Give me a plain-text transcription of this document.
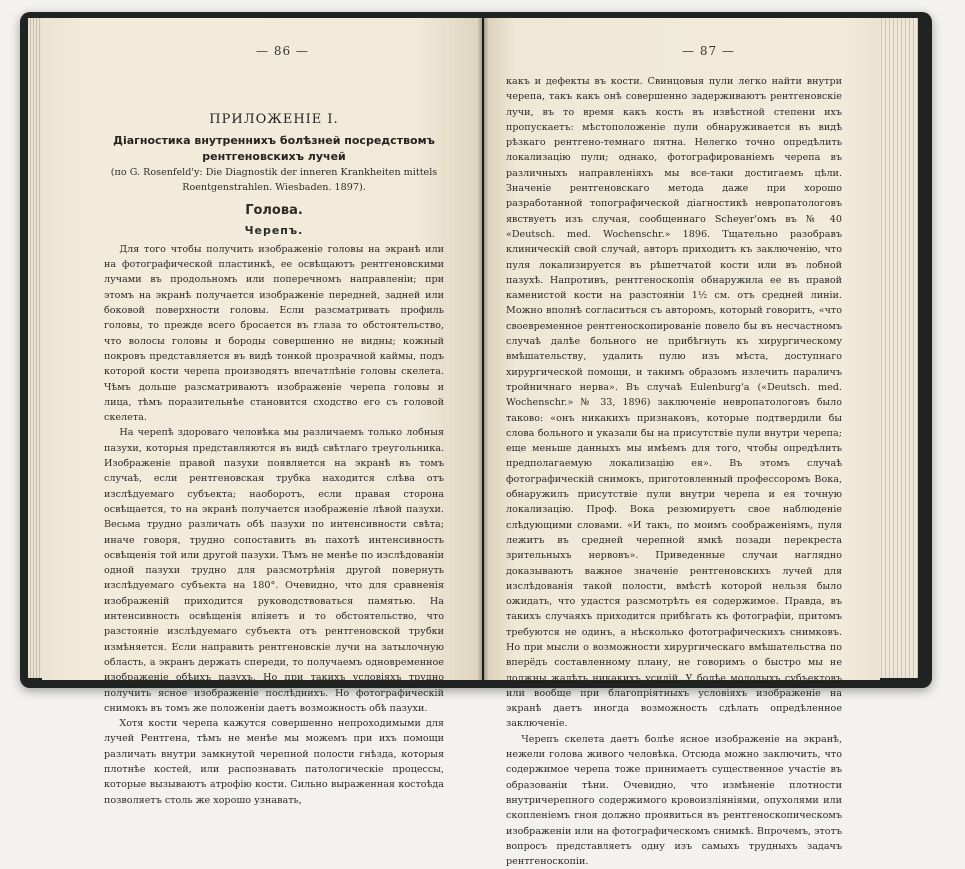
— 86 —
ПРИЛОЖЕНІЕ I.
Діагностика внутреннихъ болѣзней посредствомъ рентгеновскихъ лучей
(по G. Rosenfeld'y: Die Diagnostik der inneren Krankheiten mittels Roentgenstrahlen. Wiesbaden. 1897).
Голова.
Черепъ.

Для того чтобы получить изображеніе головы на экранѣ или на фотографической пластинкѣ, ее освѣщаютъ рентгеновскими лучами въ продольномъ или поперечномъ направленіи; при этомъ на экранѣ получается изображеніе передней, задней или боковой поверхности головы. Если разсматривать профиль головы, то прежде всего бросается въ глаза то обстоятельство, что волосы головы и бороды совершенно не видны; кожный покровъ представляется въ видѣ тонкой прозрачной каймы, подъ которой кости черепа производятъ впечатлѣніе головы скелета. Чѣмъ дольше разсматриваютъ изображеніе черепа головы и лица, тѣмъ поразительнѣе становится сходство его съ головой скелета.

На черепѣ здороваго человѣка мы различаемъ только лобныя пазухи, которыя представляются въ видѣ свѣтлаго треугольника. Изображеніе правой пазухи появляется на экранѣ въ томъ случаѣ, если рентгеновская трубка находится слѣва отъ изслѣдуемаго субъекта; наоборотъ, если правая сторона освѣщается, то на экранѣ получается изображеніе лѣвой пазухи. Весьма трудно различать обѣ пазухи по интенсивности свѣта; иначе говоря, трудно сопоставить въ пахотѣ интенсивность освѣщенія той или другой пазухи. Тѣмъ не менѣе по изслѣдованіи одной пазухи трудно для разсмотрѣнія другой повернуть изслѣдуемаго субъекта на 180°. Очевидно, что для сравненія изображеній приходится руководствоваться памятью. На интенсивность освѣщенія вліяетъ и то обстоятельство, что разстояніе изслѣдуемаго субъекта отъ рентгеновской трубки измѣняется. Если направить рентгеновскіе лучи на затылочную область, а экранъ держать спереди, то получаемъ одновременное изображеніе обѣихъ пазухъ. Но при такихъ условіяхъ трудно получить ясное изображеніе послѣднихъ. Но фотографическій снимокъ въ томъ же положеніи даетъ возможность обѣ пазухи.

Хотя кости черепа кажутся совершенно непроходимыми для лучей Рентгена, тѣмъ не менѣе мы можемъ при ихъ помощи различать внутри замкнутой черепной полости гнѣзда, которыя плотнѣе костей, или распознавать патологическіе процессы, которые вызываютъ атрофію кости. Сильно выраженная костоѣда позволяетъ столь же хорошо узнавать,

— 87 —

какъ и дефекты въ кости. Свинцовыя пули легко найти внутри черепа, такъ какъ онѣ совершенно задерживаютъ рентгеновскіе лучи, въ то время какъ кость въ извѣстной степени ихъ пропускаетъ: мѣстоположеніе пули обнаруживается въ видѣ рѣзкаго рентгено-темнаго пятна. Нелегко точно опредѣлить локализацію пули; однако, фотографированіемъ черепа въ различныхъ направленіяхъ мы все-таки достигаемъ цѣли. Значеніе рентгеновскаго метода даже при хорошо разработанной топографической діагностикѣ невропатологовъ явствуетъ изъ случая, сообщеннаго Scheyer'омъ въ № 40 «Deutsch. med. Wochenschr.» 1896. Тщательно разобравъ клиническій свой случай, авторъ приходитъ къ заключенію, что пуля локализируется въ рѣшетчатой кости или въ лобной пазухѣ. Напротивъ, рентгеноскопія обнаружила ее въ правой каменистой кости на разстояніи 1½ см. отъ средней линіи. Можно вполнѣ согласиться съ авторомъ, который говоритъ, «что своевременное рентгеноскопированіе повело бы въ несчастномъ случаѣ далѣе больного не прибѣгнуть къ хирургическому вмѣшательству, удалить пулю изъ мѣста, доступнаго хирургической помощи, и такимъ образомъ излечить параличъ тройничнаго нерва». Въ случаѣ Eulenburg'a («Deutsch. med. Wochenschr.» № 33, 1896) заключеніе невропатологовъ было таково: «онъ никакихъ признаковъ, которые подтвердили бы слова больного и указали бы на присутствіе пули внутри черепа; еще меньше данныхъ мы имѣемъ для того, чтобы опредѣлить предполагаемую локализацію ея». Въ этомъ случаѣ фотографическій снимокъ, приготовленный профессоромъ Вока, обнаружилъ присутствіе пули внутри черепа и ея точную локализацію. Проф. Вока резюмируетъ свое наблюденіе слѣдующими словами. «И такъ, по моимъ соображеніямъ, пуля лежитъ въ средней черепной ямкѣ позади перекреста зрительныхъ нервовъ». Приведенные случаи наглядно доказываютъ важное значеніе рентгеновскихъ лучей для изслѣдованія такой полости, вмѣстѣ которой нельзя было ожидать, что удастся разсмотрѣть ея содержимое. Правда, въ такихъ случаяхъ приходится прибѣгать къ фотографіи, притомъ требуются не одинъ, а нѣсколько фотографическихъ снимковъ. Но при мысли о возможности хирургическаго вмѣшательства по вперёдъ составленному плану, не говоримъ о быстро мы не должны жалѣть никакихъ усилій. У болѣе молодыхъ субъектовъ или вообще при благопріятныхъ условіяхъ изображеніе на экранѣ даетъ иногда возможность сдѣлать опредѣленное заключеніе.

Черепъ скелета даетъ болѣе ясное изображеніе на экранѣ, нежели голова живого человѣка. Отсюда можно заключить, что содержимое черепа тоже принимаетъ существенное участіе въ образованіи тѣни. Очевидно, что измѣненіе плотности внутричерепного содержимого кровоизліяніями, опухолями или скопленіемъ гноя должно проявиться въ рентгеноскопическомъ изображеніи или на фотографическомъ снимкѣ. Впрочемъ, этотъ вопросъ представляетъ одну изъ самыхъ трудныхъ задачъ рентгеноскопіи.
